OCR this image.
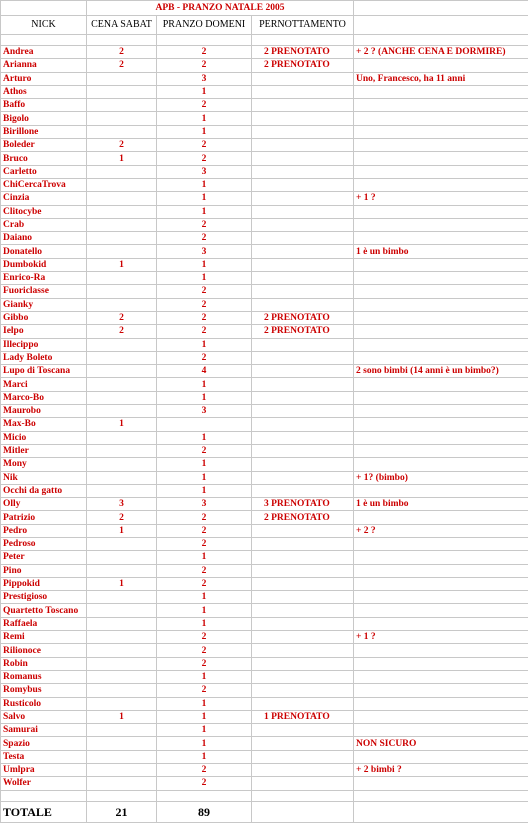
	APB - PRANZO NATALE 2005			
NICK	CENA SABAT	PRANZO DOMENI	PERNOTTAMENTO	

Andrea	2	2	2 PRENOTATO	+ 2 ? (ANCHE CENA E DORMIRE)
Arianna	2	2	2 PRENOTATO	
Arturo		3		Uno, Francesco, ha 11 anni
Athos		1		
Baffo		2		
Bigolo		1		
Birillone		1		
Boleder	2	2		
Bruco	1	2		
Carletto		3		
ChiCercaTrova		1		
Cinzia		1		+ 1 ?
Clitocybe		1		
Crab		2		
Daiano		2		
Donatello		3		1 è un bimbo
Dumbokid	1	1		
Enrico-Ra		1		
Fuoriclasse		2		
Gianky		2		
Gibbo	2	2	2 PRENOTATO	
Ielpo	2	2	2 PRENOTATO	
Illecippo		1		
Lady Boleto		2		
Lupo di Toscana		4		2 sono bimbi (14 anni è un bimbo?)
Marci		1		
Marco-Bo		1		
Maurobo		3		
Max-Bo	1			
Micio		1		
Mitler		2		
Mony		1		
Nik		1		+ 1? (bimbo)
Occhi da gatto		1		
Olly	3	3	3 PRENOTATO	1 è un bimbo
Patrizio	2	2	2 PRENOTATO	
Pedro	1	2		+ 2 ?
Pedroso		2		
Peter		1		
Pino		2		
Pippokid	1	2		
Prestigioso		1		
Quartetto Toscano		1		
Raffaela		1		
Remi		2		+ 1 ?
Rilionoce		2		
Robin		2		
Romanus		1		
Romybus		2		
Rusticolo		1		
Salvo	1	1	1 PRENOTATO	
Samurai		1		
Spazio		1		NON SICURO
Testa		1		
Umlpra		2		+ 2 bimbi ?
Wolfer		2		

TOTALE	21	89		
